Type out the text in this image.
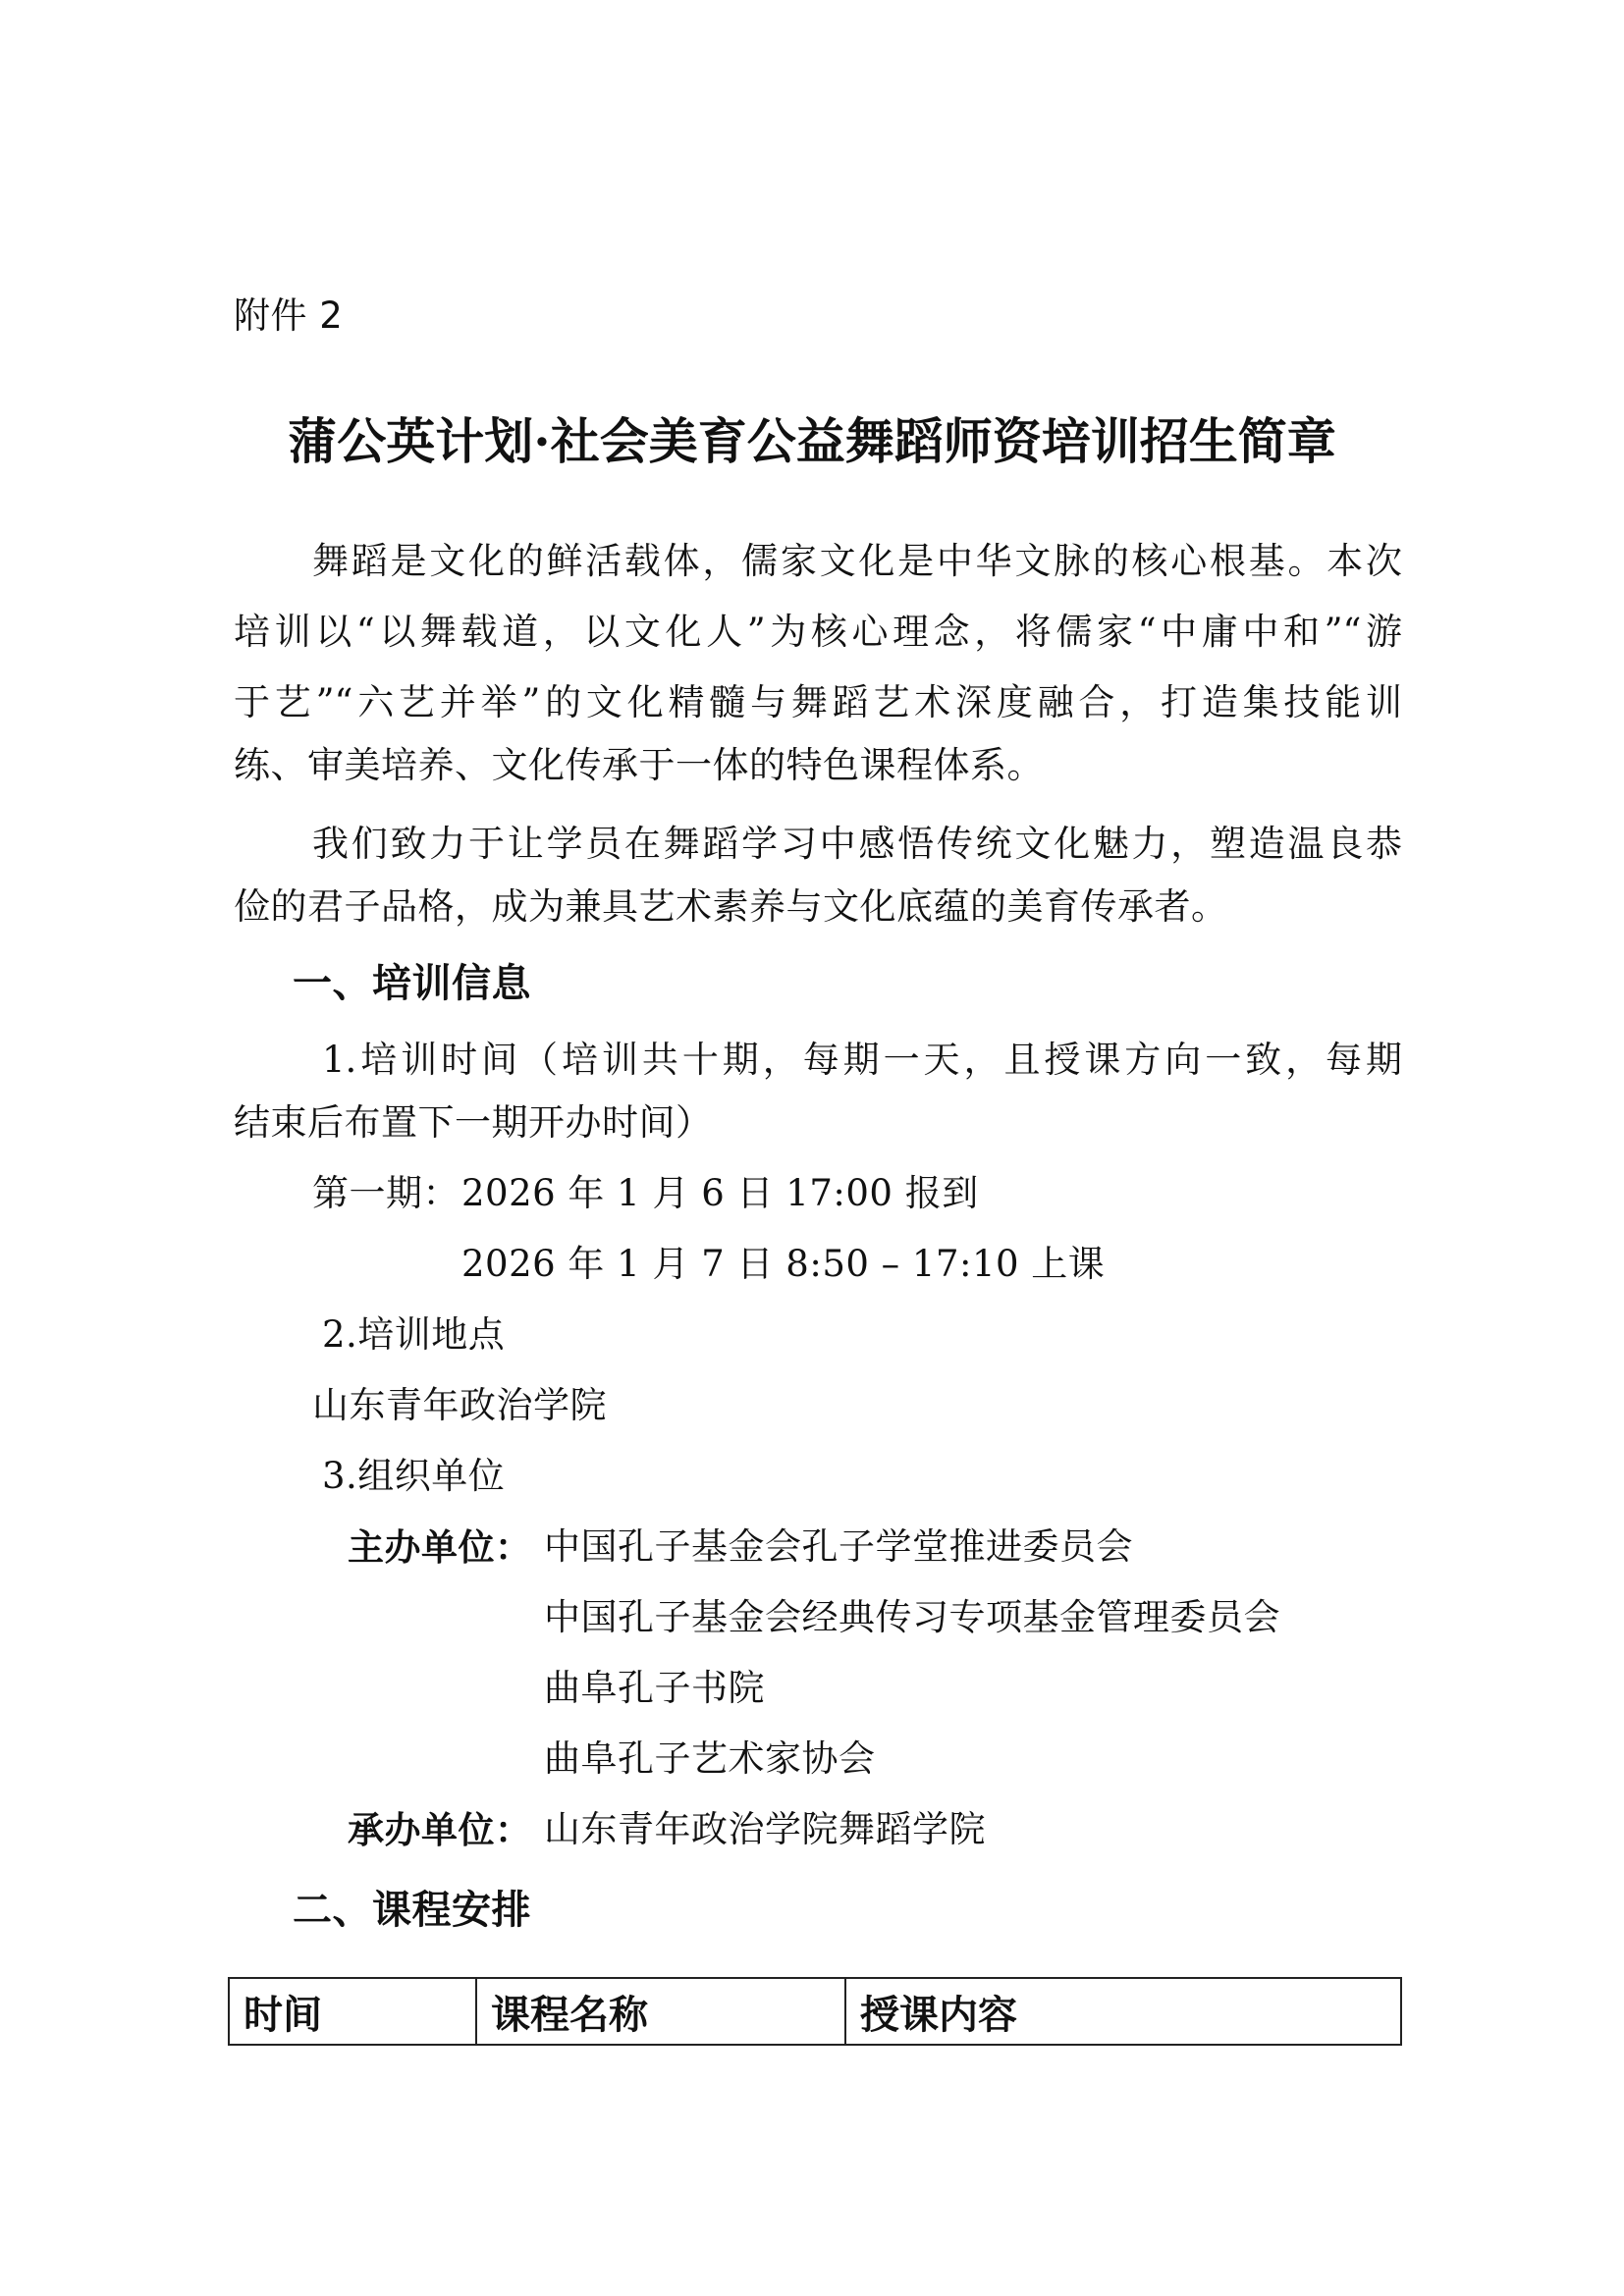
附件 2
蒲公英计划·社会美育公益舞蹈师资培训招生简章
舞蹈是文化的鲜活载体，儒家文化是中华文脉的核心根基。本次
培训以“以舞载道，以文化人”为核心理念，将儒家“中庸中和”“游
于艺”“六艺并举”的文化精髓与舞蹈艺术深度融合，打造集技能训
练、审美培养、文化传承于一体的特色课程体系。
我们致力于让学员在舞蹈学习中感悟传统文化魅力，塑造温良恭
俭的君子品格，成为兼具艺术素养与文化底蕴的美育传承者。
一、培训信息
1.培训时间（培训共十期，每期一天，且授课方向一致，每期
结束后布置下一期开办时间）
第一期： 2026 年 1 月 6 日 17:00 报到
2026 年 1 月 7 日 8:50 – 17:10 上课
2.培训地点
山东青年政治学院
3.组织单位
主办单位： 中国孔子基金会孔子学堂推进委员会
中国孔子基金会经典传习专项基金管理委员会
曲阜孔子书院
曲阜孔子艺术家协会
承办单位： 山东青年政治学院舞蹈学院
二、课程安排
时间	课程名称	授课内容
